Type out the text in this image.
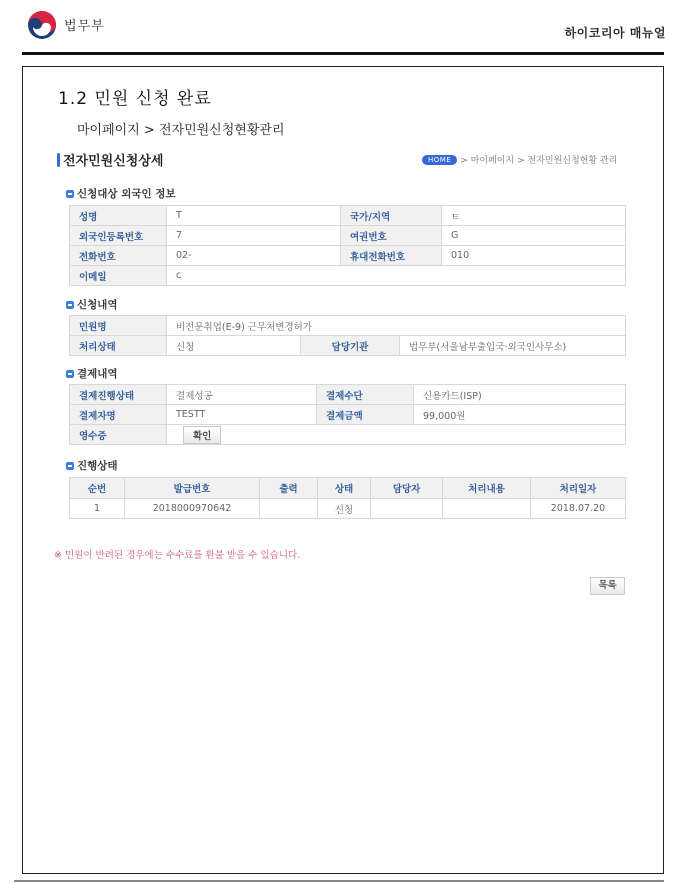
법무부	하이코리아 매뉴얼
1.2 민원 신청 완료
마이페이지 > 전자민원신청현황관리
전자민원신청상세	HOME	> 마이페이지 > 전자민원신청현황 관리
신청대상 외국인 정보
성명	T	국가/지역	ㅌ
외국인등록번호	7	여권번호	G
전화번호	02-	휴대전화번호	010
이메일	c		
신청내역
민원명	비전문취업(E-9) 근무처변경허가		
처리상태	신청	담당기관	법무부(서울남부출입국·외국인사무소)
결제내역
결제진행상태	결제성공	결제수단	신용카드(ISP)
결제자명	TESTT	결제금액	99,000원
영수증	확인		
진행상태
순번	발급번호	출력	상태	담당자	처리내용	처리일자
1	2018000970642		신청			2018.07.20
※ 민원이 반려된 경우에는 수수료를 환불 받을 수 있습니다.
목록
